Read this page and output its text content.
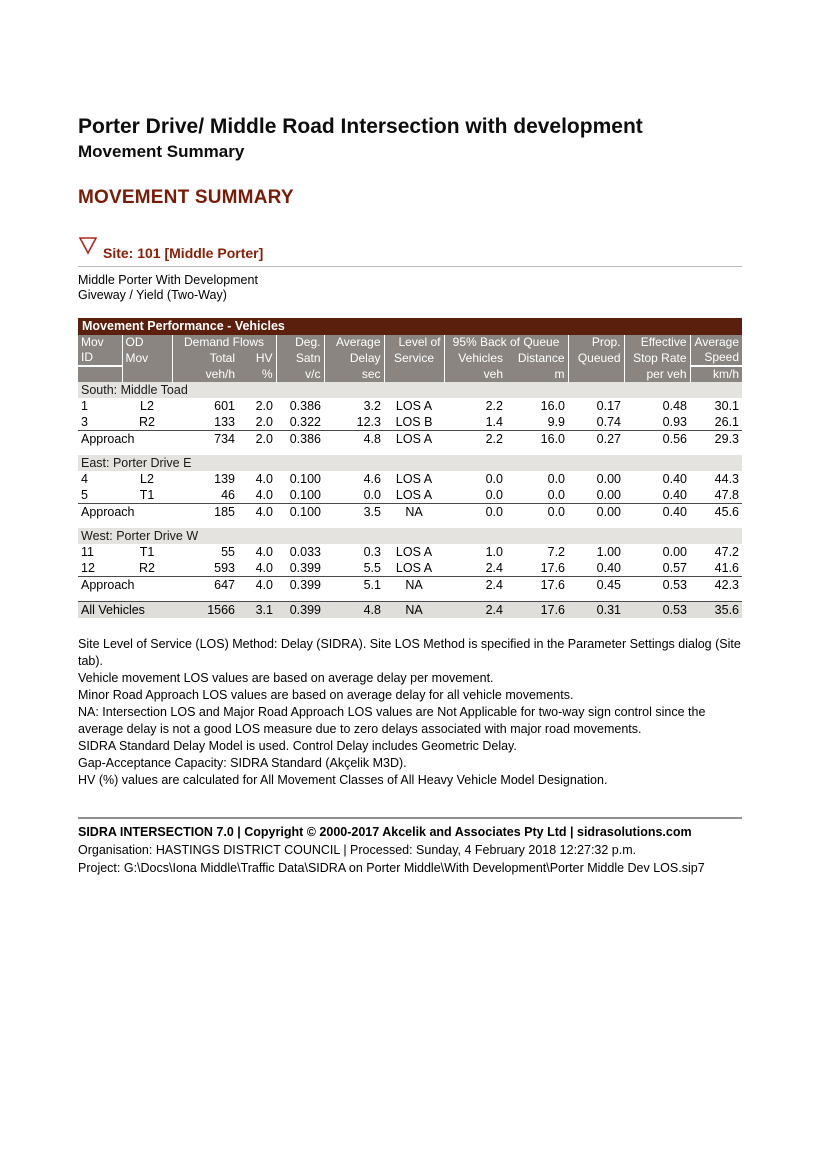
Porter Drive/ Middle Road Intersection with development
Movement Summary
MOVEMENT SUMMARY
Site: 101 [Middle Porter]
Middle Porter With Development
Giveway / Yield (Two-Way)
Movement Performance - Vehicles
Mov	OD	Demand Flows		Deg.	Average	Level of	95% Back of Queue		Prop.	Effective	Average
ID	Mov	Total	HV	Satn	Delay	Service	Vehicles	Distance	Queued	Stop Rate	Speed
		veh/h	%	v/c	sec		veh	m		per veh	km/h
South: Middle Toad											
1	L2	601	2.0	0.386	3.2	LOS A	2.2	16.0	0.17	0.48	30.1
3	R2	133	2.0	0.322	12.3	LOS B	1.4	9.9	0.74	0.93	26.1
Approach		734	2.0	0.386	4.8	LOS A	2.2	16.0	0.27	0.56	29.3

East: Porter Drive E											
4	L2	139	4.0	0.100	4.6	LOS A	0.0	0.0	0.00	0.40	44.3
5	T1	46	4.0	0.100	0.0	LOS A	0.0	0.0	0.00	0.40	47.8
Approach		185	4.0	0.100	3.5	NA	0.0	0.0	0.00	0.40	45.6

West: Porter Drive W											
11	T1	55	4.0	0.033	0.3	LOS A	1.0	7.2	1.00	0.00	47.2
12	R2	593	4.0	0.399	5.5	LOS A	2.4	17.6	0.40	0.57	41.6
Approach		647	4.0	0.399	5.1	NA	2.4	17.6	0.45	0.53	42.3

All Vehicles		1566	3.1	0.399	4.8	NA	2.4	17.6	0.31	0.53	35.6

Site Level of Service (LOS) Method: Delay (SIDRA). Site LOS Method is specified in the Parameter Settings dialog (Site tab).

Vehicle movement LOS values are based on average delay per movement.

Minor Road Approach LOS values are based on average delay for all vehicle movements.

NA: Intersection LOS and Major Road Approach LOS values are Not Applicable for two-way sign control since the average delay is not a good LOS measure due to zero delays associated with major road movements.

SIDRA Standard Delay Model is used. Control Delay includes Geometric Delay.

Gap-Acceptance Capacity: SIDRA Standard (Akçelik M3D).

HV (%) values are calculated for All Movement Classes of All Heavy Vehicle Model Designation.

SIDRA INTERSECTION 7.0 | Copyright © 2000-2017 Akcelik and Associates Pty Ltd | sidrasolutions.com

Organisation: HASTINGS DISTRICT COUNCIL | Processed: Sunday, 4 February 2018 12:27:32 p.m.

Project: G:\Docs\Iona Middle\Traffic Data\SIDRA on Porter Middle\With Development\Porter Middle Dev LOS.sip7
